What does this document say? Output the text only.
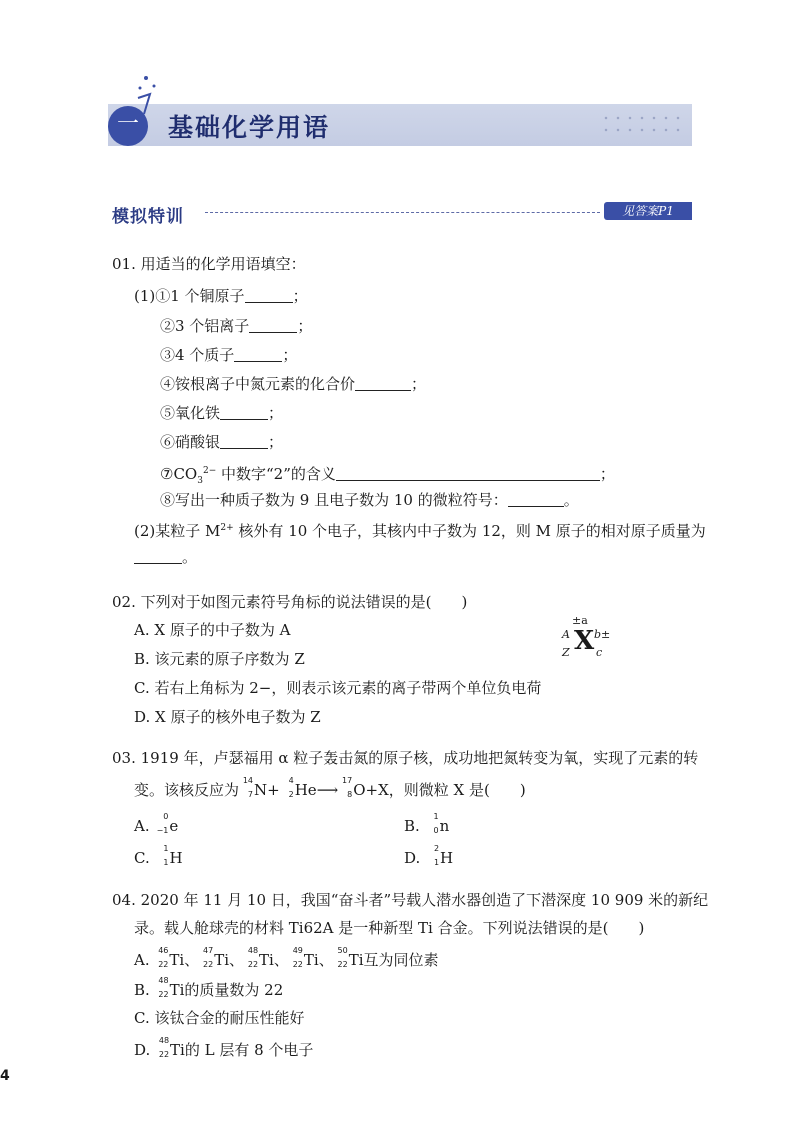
一	基础化学用语
模拟特训	见答案P1
01. 用适当的化学用语填空：
(1)①1 个铜原子	；
②3 个铝离子	；
③4 个质子	；
④铵根离子中氮元素的化合价	；
⑤氧化铁	；
⑥硝酸银	；
$⑦CO_3^{2-}$ 中数字“2”的含义	；
⑧写出一种质子数为 9 且电子数为 10 的微粒符号：	。
(2)某粒子 $M^{2+}$ 核外有 10 个电子，其核内中子数为 12，则 M 原子的相对原子质量为
。
02. 下列对于如图元素符号角标的说法错误的是(　　)
A. X 原子的中子数为 A
B. 该元素的原子序数为 Z
C. 若右上角标为 2−，则表示该元素的离子带两个单位负电荷
D. X 原子的核外电子数为 Z
±a
A X b±
Z c
03. 1919 年，卢瑟福用 α 粒子轰击氮的原子核，成功地把氮转变为氧，实现了元素的转
变。该核反应为
14
7 N+
4
2 He⟶
17
8 O+X，则微粒 X 是(　　)
A.
0
−1 e	B.
1
0 n
C.
1
1 H	D.
2
1 H
04. 2020 年 11 月 10 日，我国“奋斗者”号载人潜水器创造了下潜深度 10 909 米的新纪
录。载人舱球壳的材料 Ti62A 是一种新型 Ti 合金。下列说法错误的是(　　)
A.
46
22 Ti、
47
22 Ti、
48
22 Ti、
49
22 Ti、
50
22 Ti互为同位素
B.
48
22 Ti的质量数为 22
C. 该钛合金的耐压性能好
D.
48
22 Ti的 L 层有 8 个电子
4
